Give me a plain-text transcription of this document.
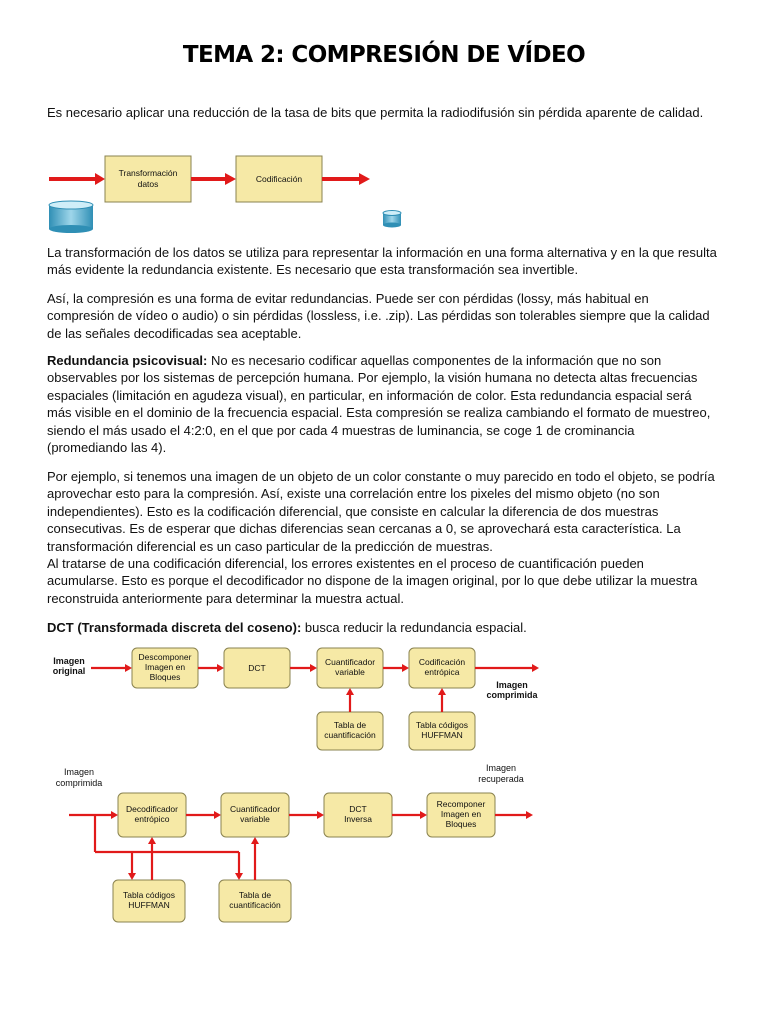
TEMA 2: COMPRESIÓN DE VÍDEO

Es necesario aplicar una reducción de la tasa de bits que permita la radiodifusión sin pérdida aparente de calidad.

Transformación
datos	Codificación

La transformación de los datos se utiliza para representar la información en una forma alternativa y en la que resulta más evidente la redundancia existente. Es necesario que esta transformación sea invertible.

Así, la compresión es una forma de evitar redundancias. Puede ser con pérdidas (lossy, más habitual en compresión de vídeo o audio) o sin pérdidas (lossless, i.e. .zip). Las pérdidas son tolerables siempre que la calidad de las señales decodificadas sea aceptable.

Redundancia psicovisual: No es necesario codificar aquellas componentes de la información que no son observables por los sistemas de percepción humana. Por ejemplo, la visión humana no detecta altas frecuencias espaciales (limitación en agudeza visual), en particular, en información de color. Esta redundancia espacial será más visible en el dominio de la frecuencia espacial. Esta compresión se realiza cambiando el formato de muestreo, siendo el más usado el 4:2:0, en el que por cada 4 muestras de luminancia, se coge 1 de crominancia (promediando las 4).

Por ejemplo, si tenemos una imagen de un objeto de un color constante o muy parecido en todo el objeto, se podría aprovechar esto para la compresión. Así, existe una correlación entre los pixeles del mismo objeto (no son independientes). Esto es la codificación diferencial, que consiste en calcular la diferencia de dos muestras consecutivas. Es de esperar que dichas diferencias sean cercanas a 0, se aprovechará esta característica. La transformación diferencial es un caso particular de la predicción de muestras.
Al tratarse de una codificación diferencial, los errores existentes en el proceso de cuantificación pueden acumularse. Esto es porque el decodificador no dispone de la imagen original, por lo que debe utilizar la muestra reconstruida anteriormente para determinar la muestra actual.

DCT (Transformada discreta del coseno): busca reducir la redundancia espacial.

Imagen
original
Descomponer
Imagen en
Bloques
DCT
Cuantificador
variable
Codificación
entrópica
Imagen
comprimida
Tabla de
cuantificación
Tabla códigos
HUFFMAN
Imagen
comprimida
Imagen
recuperada
Decodificador
entrópico
Cuantificador
variable
DCT
Inversa
Recomponer
Imagen en
Bloques
Tabla códigos
HUFFMAN
Tabla de
cuantificación
